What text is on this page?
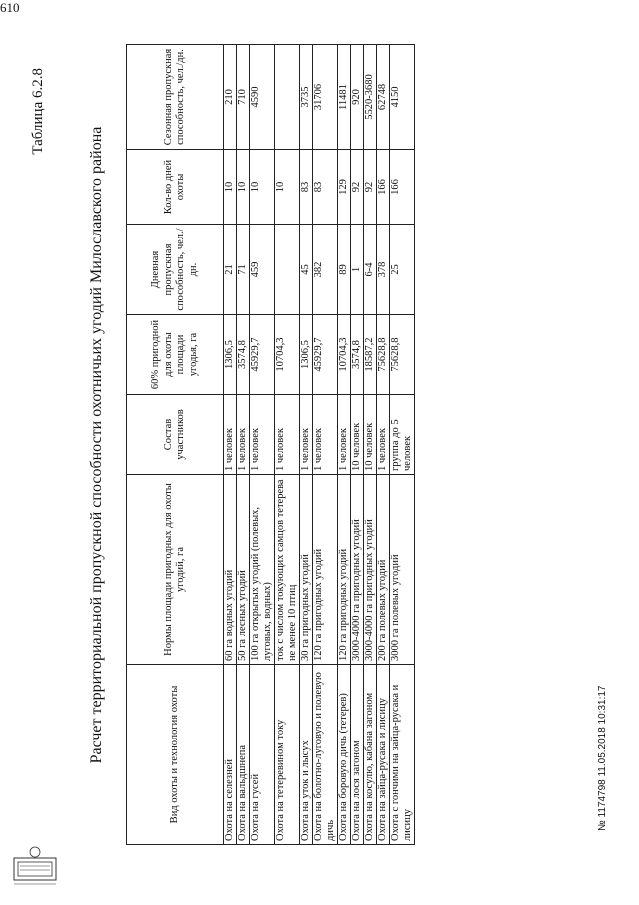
610
Таблица 6.2.8
Расчет территориальной пропускной способности охотничьих угодий Милославского района	Вид охоты и технология охоты	Нормы площади пригодных для охоты угодий, га	Состав участников	60% пригодной для охоты площади угодья, га	Дневная пропускная способность, чел./дн.	Кол-во дней охоты	Сезонная пропускная способность, чел./дн.
Охота на селезней	60 га водных угодий	1 человек	1306,5	21	10	210
Охота на вальдшнепа	50 га лесных угодий	1 человек	3574,8	71	10	710
Охота на гусей	100 га открытых угодий (полевых, луговых, водных)	1 человек	45929,7	459	10	4590
Охота на тетеревином току	ток с числом токующих самцов тетерева не менее 10 птиц	1 человек	10704,3		10	
Охота на уток и лысух	30 га пригодных угодий	1 человек	1306,5	45	83	3735
Охота на болотно-луговую и полевую дичь	120 га пригодных угодий	1 человек	45929,7	382	83	31706
Охота на боровую дичь (тетерев)	120 га пригодных угодий	1 человек	10704,3	89	129	11481
Охота на лося загоном	3000-4000 га пригодных угодий	10 человек	3574,8	1	92	920
Охота на косулю, кабана загоном	3000-4000 га пригодных угодий	10 человек	18587,2	6-4	92	5520-3680
Охота на зайца-русака и лисицу	200 га полевых угодий	1 человек	75628,8	378	166	62748
Охота с гончими на зайца-русака и лисицу	3000 га полевых угодий	группа до 5 человек	75628,8	25	166	4150
№ 1174798 11.05.2018 10:31:17
